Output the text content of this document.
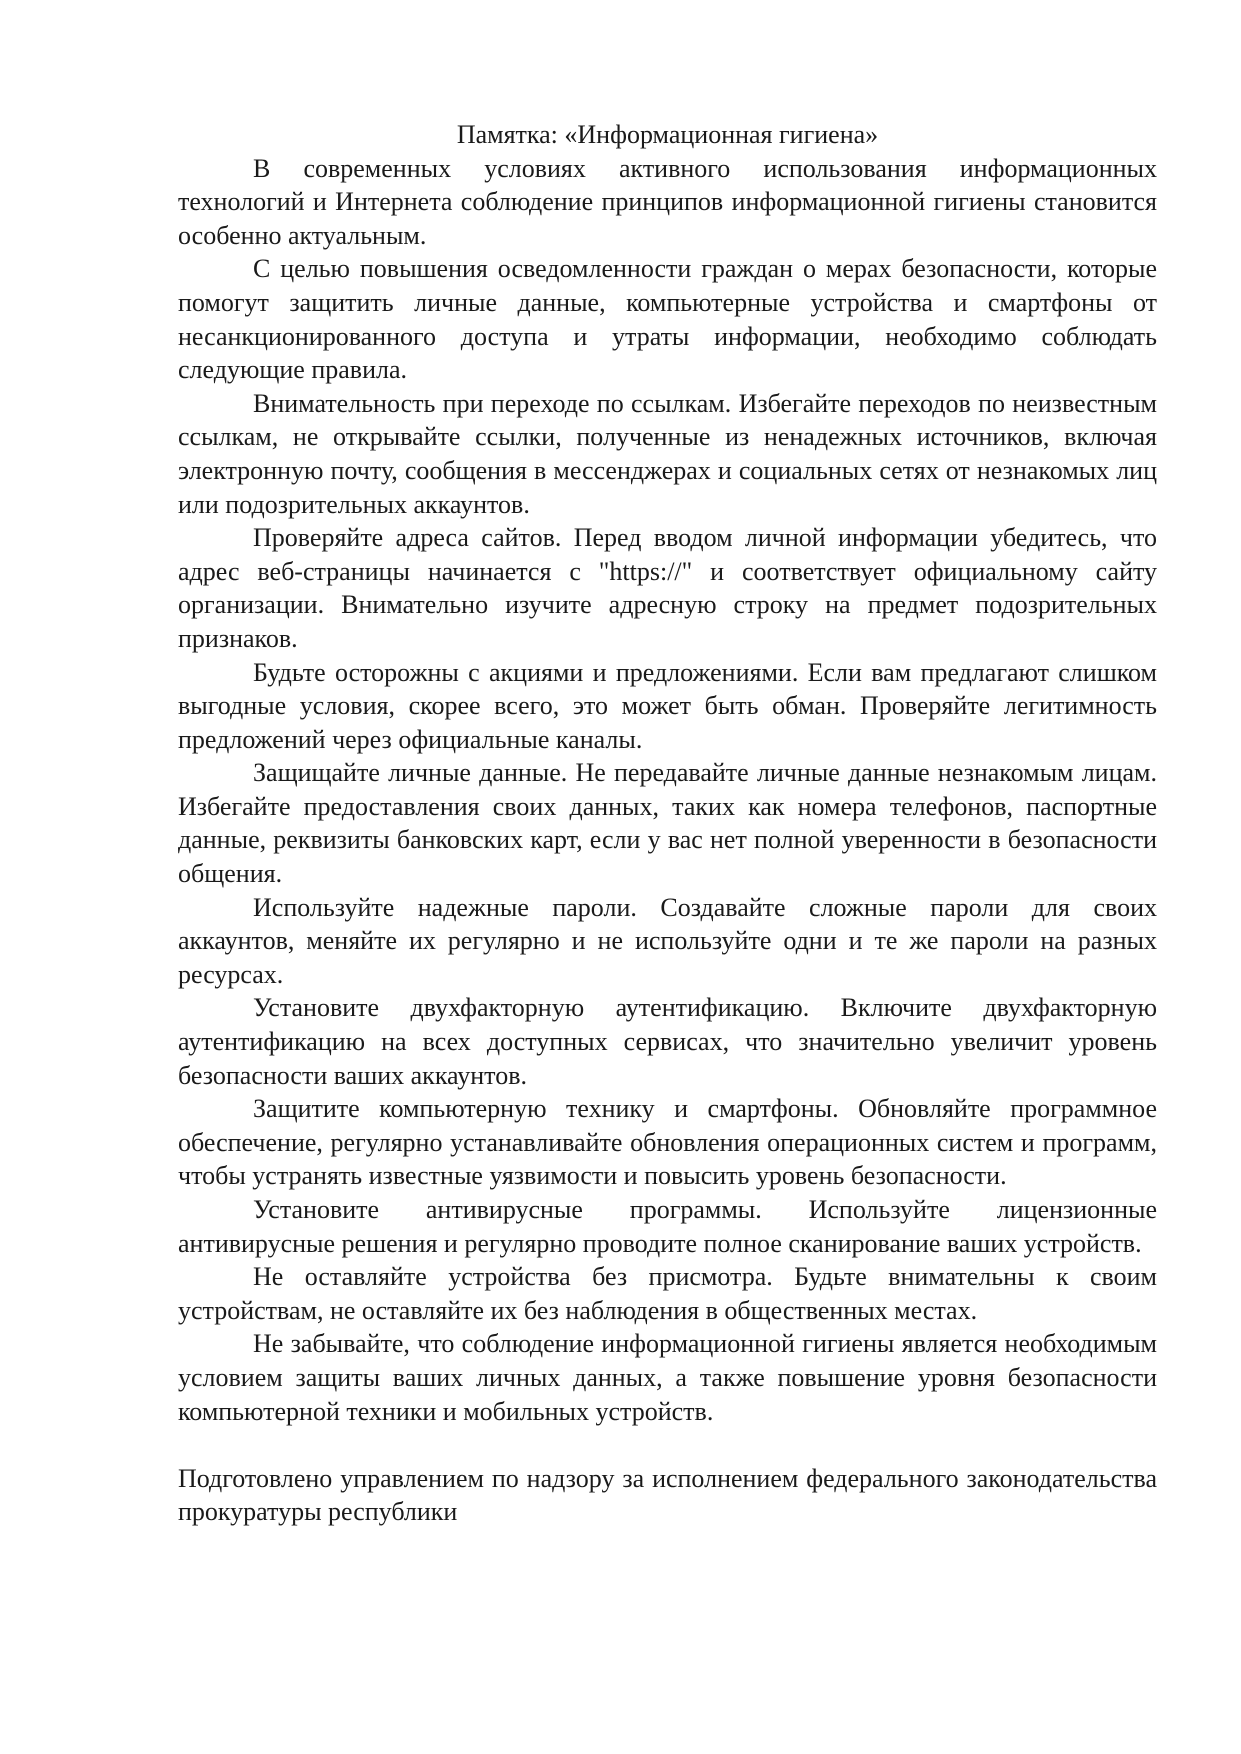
Памятка: «Информационная гигиена»

В современных условиях активного использования информационных технологий и Интернета соблюдение принципов информационной гигиены становится особенно актуальным.

С целью повышения осведомленности граждан о мерах безопасности, которые помогут защитить личные данные, компьютерные устройства и смартфоны от несанкционированного доступа и утраты информации, необходимо соблюдать следующие правила.

Внимательность при переходе по ссылкам. Избегайте переходов по неизвестным ссылкам, не открывайте ссылки, полученные из ненадежных источников, включая электронную почту, сообщения в мессенджерах и социальных сетях от незнакомых лиц или подозрительных аккаунтов.

Проверяйте адреса сайтов. Перед вводом личной информации убедитесь, что адрес веб-страницы начинается с "https://" и соответствует официальному сайту организации. Внимательно изучите адресную строку на предмет подозрительных признаков.

Будьте осторожны с акциями и предложениями. Если вам предлагают слишком выгодные условия, скорее всего, это может быть обман. Проверяйте легитимность предложений через официальные каналы.

Защищайте личные данные. Не передавайте личные данные незнакомым лицам. Избегайте предоставления своих данных, таких как номера телефонов, паспортные данные, реквизиты банковских карт, если у вас нет полной уверенности в безопасности общения.

Используйте надежные пароли. Создавайте сложные пароли для своих аккаунтов, меняйте их регулярно и не используйте одни и те же пароли на разных ресурсах.

Установите двухфакторную аутентификацию. Включите двухфакторную аутентификацию на всех доступных сервисах, что значительно увеличит уровень безопасности ваших аккаунтов.

Защитите компьютерную технику и смартфоны. Обновляйте программное обеспечение, регулярно устанавливайте обновления операционных систем и программ, чтобы устранять известные уязвимости и повысить уровень безопасности.

Установите антивирусные программы. Используйте лицензионные антивирусные решения и регулярно проводите полное сканирование ваших устройств.

Не оставляйте устройства без присмотра. Будьте внимательны к своим устройствам, не оставляйте их без наблюдения в общественных местах.

Не забывайте, что соблюдение информационной гигиены является необходимым условием защиты ваших личных данных, а также повышение уровня безопасности компьютерной техники и мобильных устройств.

Подготовлено управлением по надзору за исполнением федерального законодательства прокуратуры республики
